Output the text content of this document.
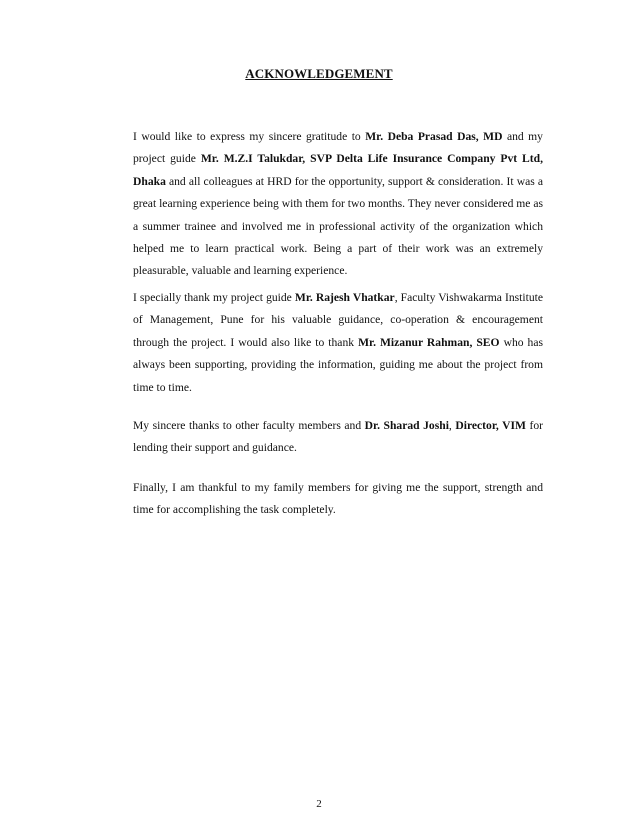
ACKNOWLEDGEMENT

I would like to express my sincere gratitude to Mr. Deba Prasad Das, MD and my project guide Mr. M.Z.I Talukdar, SVP Delta Life Insurance Company Pvt Ltd, Dhaka and all colleagues at HRD for the opportunity, support & consideration. It was a great learning experience being with them for two months. They never considered me as a summer trainee and involved me in professional activity of the organization which helped me to learn practical work. Being a part of their work was an extremely pleasurable, valuable and learning experience.

I specially thank my project guide Mr. Rajesh Vhatkar, Faculty Vishwakarma Institute of Management, Pune for his valuable guidance, co-operation & encouragement through the project. I would also like to thank Mr. Mizanur Rahman, SEO who has always been supporting, providing the information, guiding me about the project from time to time.

My sincere thanks to other faculty members and Dr. Sharad Joshi, Director, VIM for lending their support and guidance.

Finally, I am thankful to my family members for giving me the support, strength and time for accomplishing the task completely.

2
